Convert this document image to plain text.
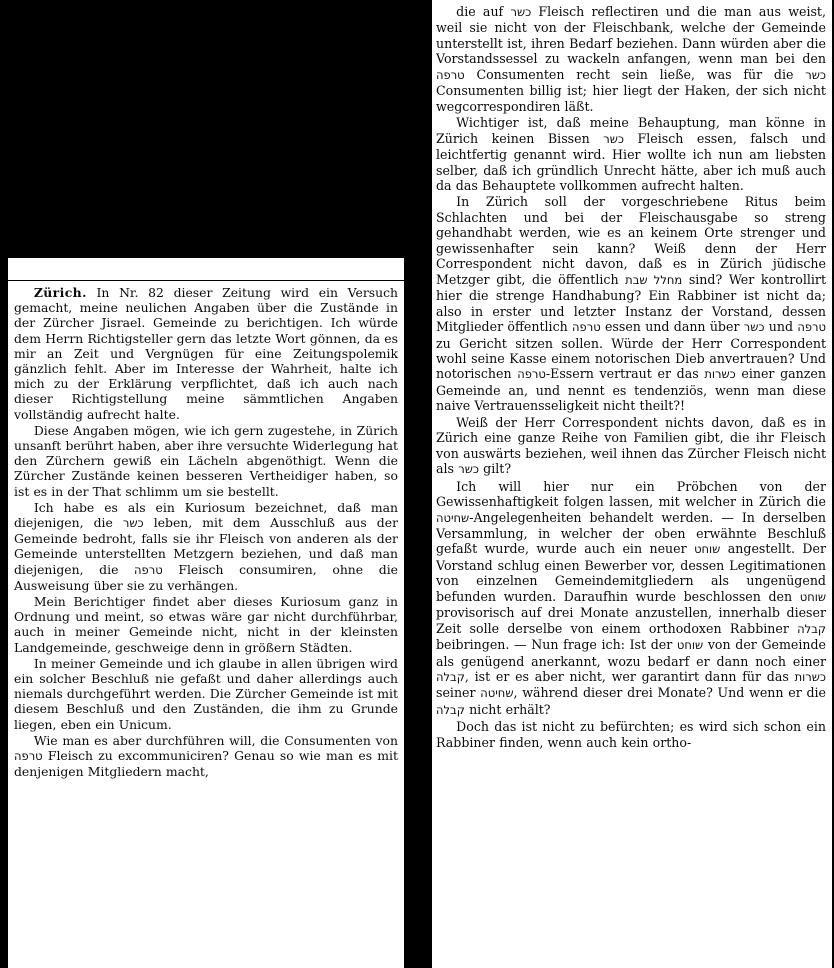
Zürich. In Nr. 82 dieser Zeitung wird ein Versuch gemacht, meine neulichen Angaben über die Zustände in der Zürcher Jisrael. Gemeinde zu berichtigen. Ich würde dem Herrn Richtigsteller gern das letzte Wort gönnen, da es mir an Zeit und Vergnügen für eine Zeitungspolemik gänzlich fehlt. Aber im Interesse der Wahrheit, halte ich mich zu der Erklärung verpflichtet, daß ich auch nach dieser Richtigstellung meine sämmtlichen Angaben vollständig aufrecht halte.

Diese Angaben mögen, wie ich gern zugestehe, in Zürich unsanft berührt haben, aber ihre versuchte Widerlegung hat den Zürchern gewiß ein Lächeln abgenöthigt. Wenn die Zürcher Zustände keinen besseren Vertheidiger haben, so ist es in der That schlimm um sie bestellt.

Ich habe es als ein Kuriosum bezeichnet, daß man diejenigen, die כשר leben, mit dem Ausschluß aus der Gemeinde bedroht, falls sie ihr Fleisch von anderen als der Gemeinde unterstellten Metzgern beziehen, und daß man diejenigen, die טרפה Fleisch consumiren, ohne die Ausweisung über sie zu verhängen.

Mein Berichtiger findet aber dieses Kuriosum ganz in Ordnung und meint, so etwas wäre gar nicht durchführbar, auch in meiner Gemeinde nicht, nicht in der kleinsten Landgemeinde, geschweige denn in größern Städten.

In meiner Gemeinde und ich glaube in allen übrigen wird ein solcher Beschluß nie gefaßt und daher allerdings auch niemals durchgeführt werden. Die Zürcher Gemeinde ist mit diesem Beschluß und den Zuständen, die ihm zu Grunde liegen, eben ein Unicum.

Wie man es aber durchführen will, die Consumenten von טרפה Fleisch zu excommuniciren? Genau so wie man es mit denjenigen Mitgliedern macht,

die auf כשר Fleisch reflectiren und die man aus weist, weil sie nicht von der Fleischbank, welche der Gemeinde unterstellt ist, ihren Bedarf beziehen. Dann würden aber die Vorstandssessel zu wackeln anfangen, wenn man bei den טרפה Consumenten recht sein ließe, was für die כשר Consumenten billig ist; hier liegt der Haken, der sich nicht wegcorrespondiren läßt.

Wichtiger ist, daß meine Behauptung, man könne in Zürich keinen Bissen כשר Fleisch essen, falsch und leichtfertig genannt wird. Hier wollte ich nun am liebsten selber, daß ich gründlich Unrecht hätte, aber ich muß auch da das Behauptete vollkommen aufrecht halten.

In Zürich soll der vorgeschriebene Ritus beim Schlachten und bei der Fleischausgabe so streng gehandhabt werden, wie es an keinem Orte strenger und gewissenhafter sein kann? Weiß denn der Herr Correspondent nicht davon, daß es in Zürich jüdische Metzger gibt, die öffentlich מחלל שבת sind? Wer kontrollirt hier die strenge Handhabung? Ein Rabbiner ist nicht da; also in erster und letzter Instanz der Vorstand, dessen Mitglieder öffentlich טרפה essen und dann über כשר und טרפה zu Gericht sitzen sollen. Würde der Herr Correspondent wohl seine Kasse einem notorischen Dieb anvertrauen? Und notorischen טרפה-Essern vertraut er das כשרות einer ganzen Gemeinde an, und nennt es tendenziös, wenn man diese naive Vertrauensseligkeit nicht theilt?!

Weiß der Herr Correspondent nichts davon, daß es in Zürich eine ganze Reihe von Familien gibt, die ihr Fleisch von auswärts beziehen, weil ihnen das Zürcher Fleisch nicht als כשר gilt?

Ich will hier nur ein Pröbchen von der Gewissenhaftigkeit folgen lassen, mit welcher in Zürich die שחיטה-Angelegenheiten behandelt werden. — In derselben Versammlung, in welcher der oben erwähnte Beschluß gefaßt wurde, wurde auch ein neuer שוחט angestellt. Der Vorstand schlug einen Bewerber vor, dessen Legitimationen von einzelnen Gemeindemitgliedern als ungenügend befunden wurden. Daraufhin wurde beschlossen den שוחט provisorisch auf drei Monate anzustellen, innerhalb dieser Zeit solle derselbe von einem orthodoxen Rabbiner קבלה beibringen. — Nun frage ich: Ist der שוחט von der Gemeinde als genügend anerkannt, wozu bedarf er dann noch einer קבלה, ist er es aber nicht, wer garantirt dann für das כשרות seiner שחיטה, während dieser drei Monate? Und wenn er die קבלה nicht erhält?

Doch das ist nicht zu befürchten; es wird sich schon ein Rabbiner finden, wenn auch kein ortho-
